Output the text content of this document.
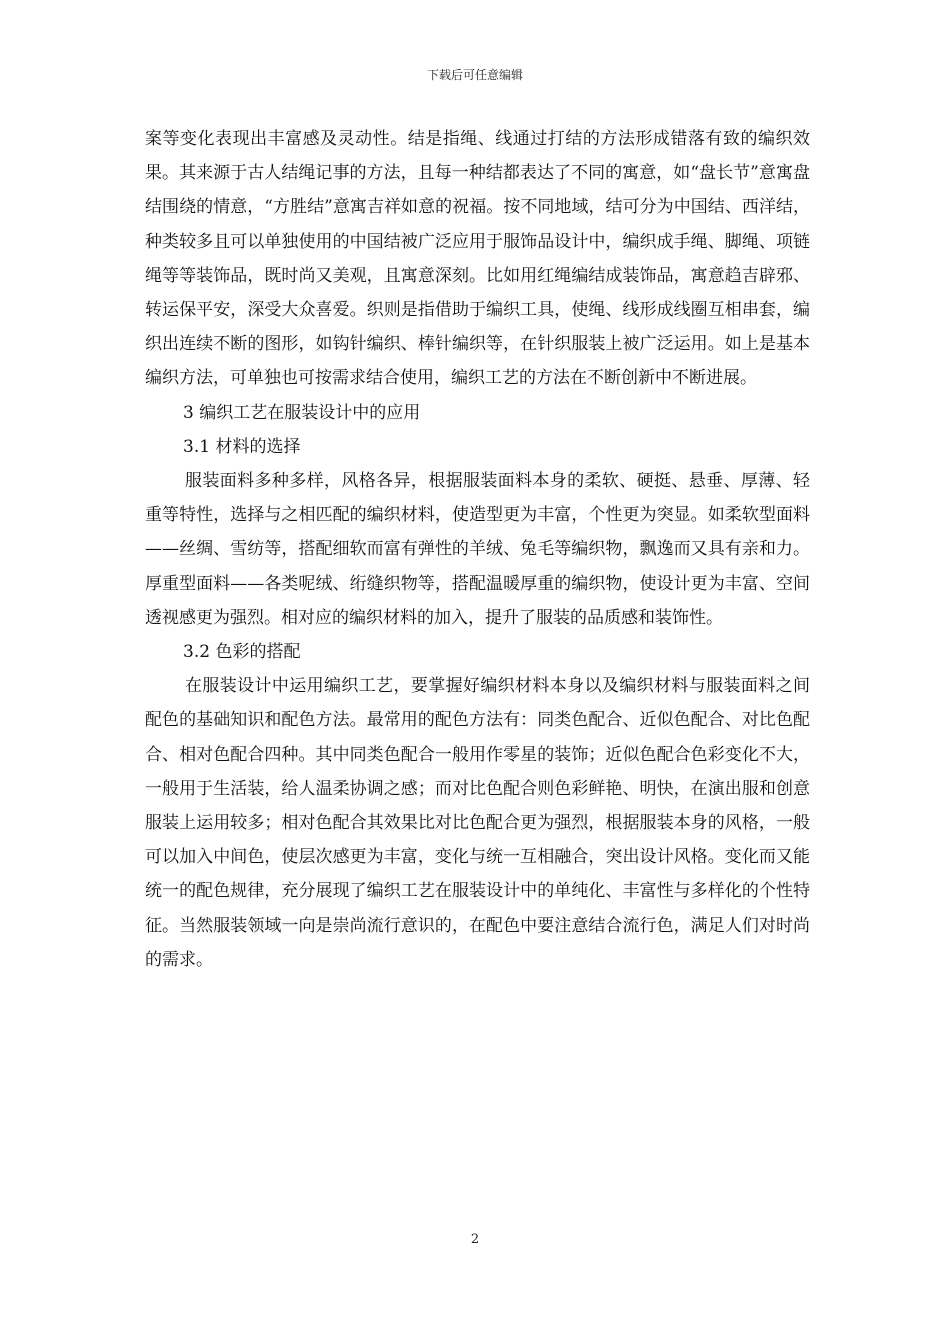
下载后可任意编辑

案等变化表现出丰富感及灵动性。结是指绳、线通过打结的方法形成错落有致的编织效果。其来源于古人结绳记事的方法，且每一种结都表达了不同的寓意，如“盘长节”意寓盘结围绕的情意，“方胜结”意寓吉祥如意的祝福。按不同地域，结可分为中国结、西洋结，种类较多且可以单独使用的中国结被广泛应用于服饰品设计中，编织成手绳、脚绳、项链绳等等装饰品，既时尚又美观，且寓意深刻。比如用红绳编结成装饰品，寓意趋吉辟邪、转运保平安，深受大众喜爱。织则是指借助于编织工具，使绳、线形成线圈互相串套，编织出连续不断的图形，如钩针编织、棒针编织等，在针织服装上被广泛运用。如上是基本编织方法，可单独也可按需求结合使用，编织工艺的方法在不断创新中不断进展。

3 编织工艺在服装设计中的应用

3.1 材料的选择

服装面料多种多样，风格各异，根据服装面料本身的柔软、硬挺、悬垂、厚薄、轻重等特性，选择与之相匹配的编织材料，使造型更为丰富，个性更为突显。如柔软型面料——丝绸、雪纺等，搭配细软而富有弹性的羊绒、兔毛等编织物，飘逸而又具有亲和力。厚重型面料——各类呢绒、绗缝织物等，搭配温暖厚重的编织物，使设计更为丰富、空间透视感更为强烈。相对应的编织材料的加入，提升了服装的品质感和装饰性。

3.2 色彩的搭配

在服装设计中运用编织工艺，要掌握好编织材料本身以及编织材料与服装面料之间配色的基础知识和配色方法。最常用的配色方法有：同类色配合、近似色配合、对比色配合、相对色配合四种。其中同类色配合一般用作零星的装饰；近似色配合色彩变化不大，一般用于生活装，给人温柔协调之感；而对比色配合则色彩鲜艳、明快，在演出服和创意服装上运用较多；相对色配合其效果比对比色配合更为强烈，根据服装本身的风格，一般可以加入中间色，使层次感更为丰富，变化与统一互相融合，突出设计风格。变化而又能统一的配色规律，充分展现了编织工艺在服装设计中的单纯化、丰富性与多样化的个性特征。当然服装领域一向是崇尚流行意识的，在配色中要注意结合流行色，满足人们对时尚的需求。

2
